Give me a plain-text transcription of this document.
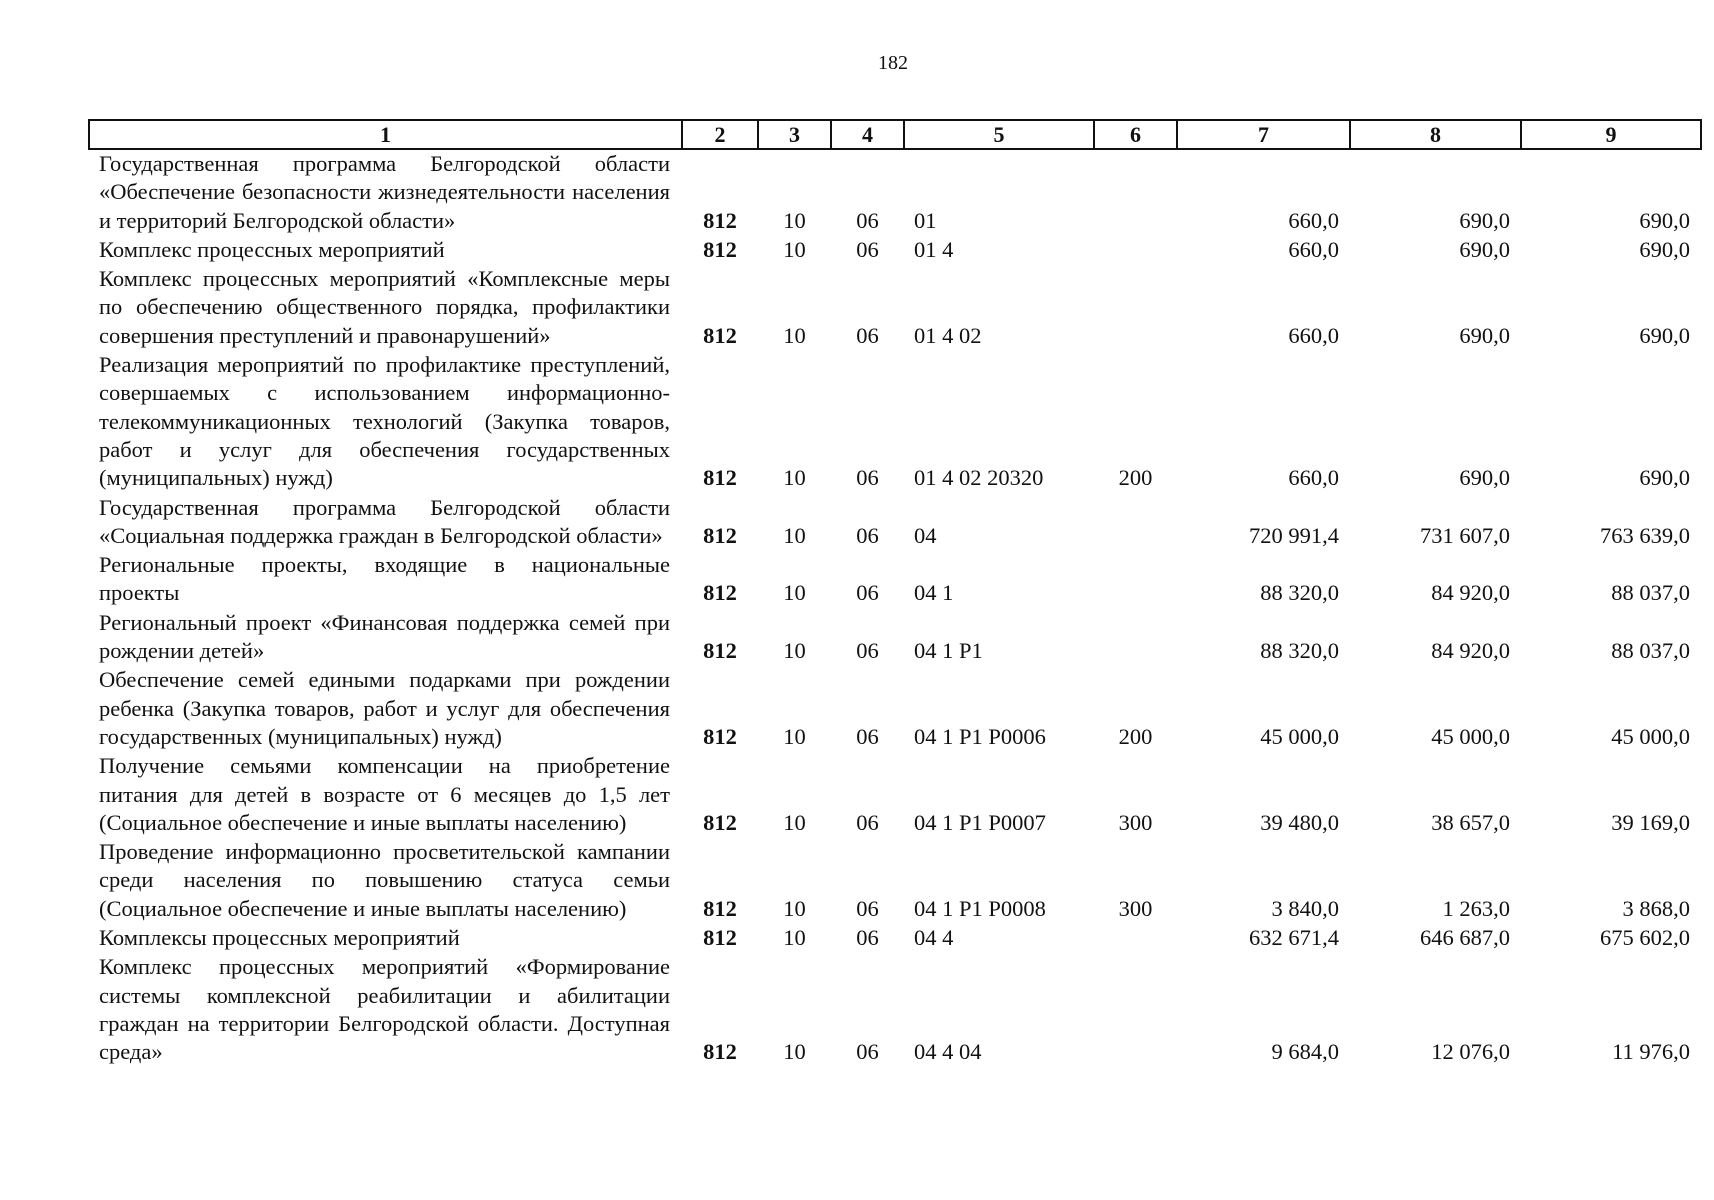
182
1	2	3	4	5	6	7	8	9
Государственная программа Белгородской области «Обеспечение безопасности жизнедеятельности населения и территорий Белгородской области»	812	10	06	01		660,0	690,0	690,0
Комплекс процессных мероприятий	812	10	06	01 4		660,0	690,0	690,0
Комплекс процессных мероприятий «Комплексные меры по обеспечению общественного порядка, профилактики совершения преступлений и правонарушений»	812	10	06	01 4 02		660,0	690,0	690,0
Реализация мероприятий по профилактике преступлений, совершаемых с использованием информационно-телекоммуникационных технологий (Закупка товаров, работ и услуг для обеспечения государственных (муниципальных) нужд)	812	10	06	01 4 02 20320	200	660,0	690,0	690,0
Государственная программа Белгородской области «Социальная поддержка граждан в Белгородской области»	812	10	06	04		720 991,4	731 607,0	763 639,0
Региональные проекты, входящие в национальные проекты	812	10	06	04 1		88 320,0	84 920,0	88 037,0
Региональный проект «Финансовая поддержка семей при рождении детей»	812	10	06	04 1 P1		88 320,0	84 920,0	88 037,0
Обеспечение семей едиными подарками при рождении ребенка (Закупка товаров, работ и услуг для обеспечения государственных (муниципальных) нужд)	812	10	06	04 1 P1 P0006	200	45 000,0	45 000,0	45 000,0
Получение семьями компенсации на приобретение питания для детей в возрасте от 6 месяцев до 1,5 лет (Социальное обеспечение и иные выплаты населению)	812	10	06	04 1 P1 P0007	300	39 480,0	38 657,0	39 169,0
Проведение информационно просветительской кампании среди населения по повышению статуса семьи (Социальное обеспечение и иные выплаты населению)	812	10	06	04 1 P1 P0008	300	3 840,0	1 263,0	3 868,0
Комплексы процессных мероприятий	812	10	06	04 4		632 671,4	646 687,0	675 602,0
Комплекс процессных мероприятий «Формирование системы комплексной реабилитации и абилитации граждан на территории Белгородской области. Доступная среда»	812	10	06	04 4 04		9 684,0	12 076,0	11 976,0
